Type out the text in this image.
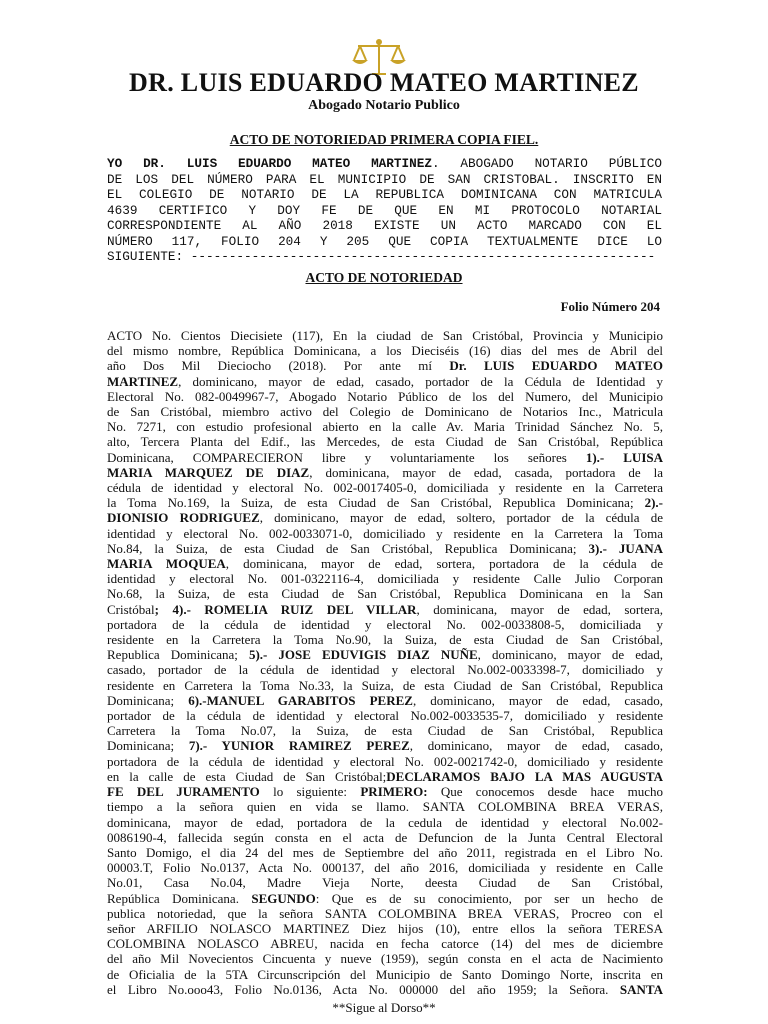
DR. LUIS EDUARDO MATEO MARTINEZ
Abogado Notario Publico
ACTO DE NOTORIEDAD PRIMERA COPIA FIEL.
YO DR. LUIS EDUARDO MATEO MARTINEZ. ABOGADO NOTARIO PÚBLICO
DE LOS DEL NÚMERO PARA EL MUNICIPIO DE SAN CRISTOBAL. INSCRITO EN
EL COLEGIO DE NOTARIO DE LA REPUBLICA DOMINICANA CON MATRICULA
4639 CERTIFICO Y DOY FE DE QUE EN MI PROTOCOLO NOTARIAL
CORRESPONDIENTE AL AÑO 2018 EXISTE UN ACTO MARCADO CON EL
NÚMERO 117, FOLIO 204 Y 205 QUE COPIA TEXTUALMENTE DICE LO
SIGUIENTE: -------------------------------------------------------------
ACTO DE NOTORIEDAD
Folio Número 204
ACTO No. Cientos Diecisiete (117), En la ciudad de San Cristóbal, Provincia y Municipio
del mismo nombre, República Dominicana, a los Dieciséis (16) dias del mes de Abril del
año Dos Mil Dieciocho (2018). Por ante mí Dr. LUIS EDUARDO MATEO
MARTINEZ, dominicano, mayor de edad, casado, portador de la Cédula de Identidad y
Electoral No. 082-0049967-7, Abogado Notario Público de los del Numero, del Municipio
de San Cristóbal, miembro activo del Colegio de Dominicano de Notarios Inc., Matricula
No. 7271, con estudio profesional abierto en la calle Av. Maria Trinidad Sánchez No. 5,
alto, Tercera Planta del Edif., las Mercedes, de esta Ciudad de San Cristóbal, República
Dominicana, COMPARECIERON libre y voluntariamente los señores 1).- LUISA
MARIA MARQUEZ DE DIAZ, dominicana, mayor de edad, casada, portadora de la
cédula de identidad y electoral No. 002-0017405-0, domiciliada y residente en la Carretera
la Toma No.169, la Suiza, de esta Ciudad de San Cristóbal, Republica Dominicana; 2).-
DIONISIO RODRIGUEZ, dominicano, mayor de edad, soltero, portador de la cédula de
identidad y electoral No. 002-0033071-0, domiciliado y residente en la Carretera la Toma
No.84, la Suiza, de esta Ciudad de San Cristóbal, Republica Dominicana; 3).- JUANA
MARIA MOQUEA, dominicana, mayor de edad, sortera, portadora de la cédula de
identidad y electoral No. 001-0322116-4, domiciliada y residente Calle Julio Corporan
No.68, la Suiza, de esta Ciudad de San Cristóbal, Republica Dominicana en la San
Cristóbal; 4).- ROMELIA RUIZ DEL VILLAR, dominicana, mayor de edad, sortera,
portadora de la cédula de identidad y electoral No. 002-0033808-5, domiciliada y
residente en la Carretera la Toma No.90, la Suiza, de esta Ciudad de San Cristóbal,
Republica Dominicana; 5).- JOSE EDUVIGIS DIAZ NUÑE, dominicano, mayor de edad,
casado, portador de la cédula de identidad y electoral No.002-0033398-7, domiciliado y
residente en Carretera la Toma No.33, la Suiza, de esta Ciudad de San Cristóbal, Republica
Dominicana; 6).-MANUEL GARABITOS PEREZ, dominicano, mayor de edad, casado,
portador de la cédula de identidad y electoral No.002-0033535-7, domiciliado y residente
Carretera la Toma No.07, la Suiza, de esta Ciudad de San Cristóbal, Republica
Dominicana; 7).- YUNIOR RAMIREZ PEREZ, dominicano, mayor de edad, casado,
portadora de la cédula de identidad y electoral No. 002-0021742-0, domiciliado y residente
en la calle de esta Ciudad de San Cristóbal;DECLARAMOS BAJO LA MAS AUGUSTA
FE DEL JURAMENTO lo siguiente: PRIMERO: Que conocemos desde hace mucho
tiempo a la señora quien en vida se llamo. SANTA COLOMBINA BREA VERAS,
dominicana, mayor de edad, portadora de la cedula de identidad y electoral No.002-
0086190-4, fallecida según consta en el acta de Defuncion de la Junta Central Electoral
Santo Domigo, el dia 24 del mes de Septiembre del año 2011, registrada en el Libro No.
00003.T, Folio No.0137, Acta No. 000137, del año 2016, domiciliada y residente en Calle
No.01, Casa No.04, Madre Vieja Norte, deesta Ciudad de San Cristóbal,
República Dominicana. SEGUNDO: Que es de su conocimiento, por ser un hecho de
publica notoriedad, que la señora SANTA COLOMBINA BREA VERAS, Procreo con el
señor ARFILIO NOLASCO MARTINEZ Diez hijos (10), entre ellos la señora TERESA
COLOMBINA NOLASCO ABREU, nacida en fecha catorce (14) del mes de diciembre
del año Mil Novecientos Cincuenta y nueve (1959), según consta en el acta de Nacimiento
de Oficialia de la 5TA Circunscripción del Municipio de Santo Domingo Norte, inscrita en
el Libro No.ooo43, Folio No.0136, Acta No. 000000 del año 1959; la Señora. SANTA
**Sigue al Dorso**
